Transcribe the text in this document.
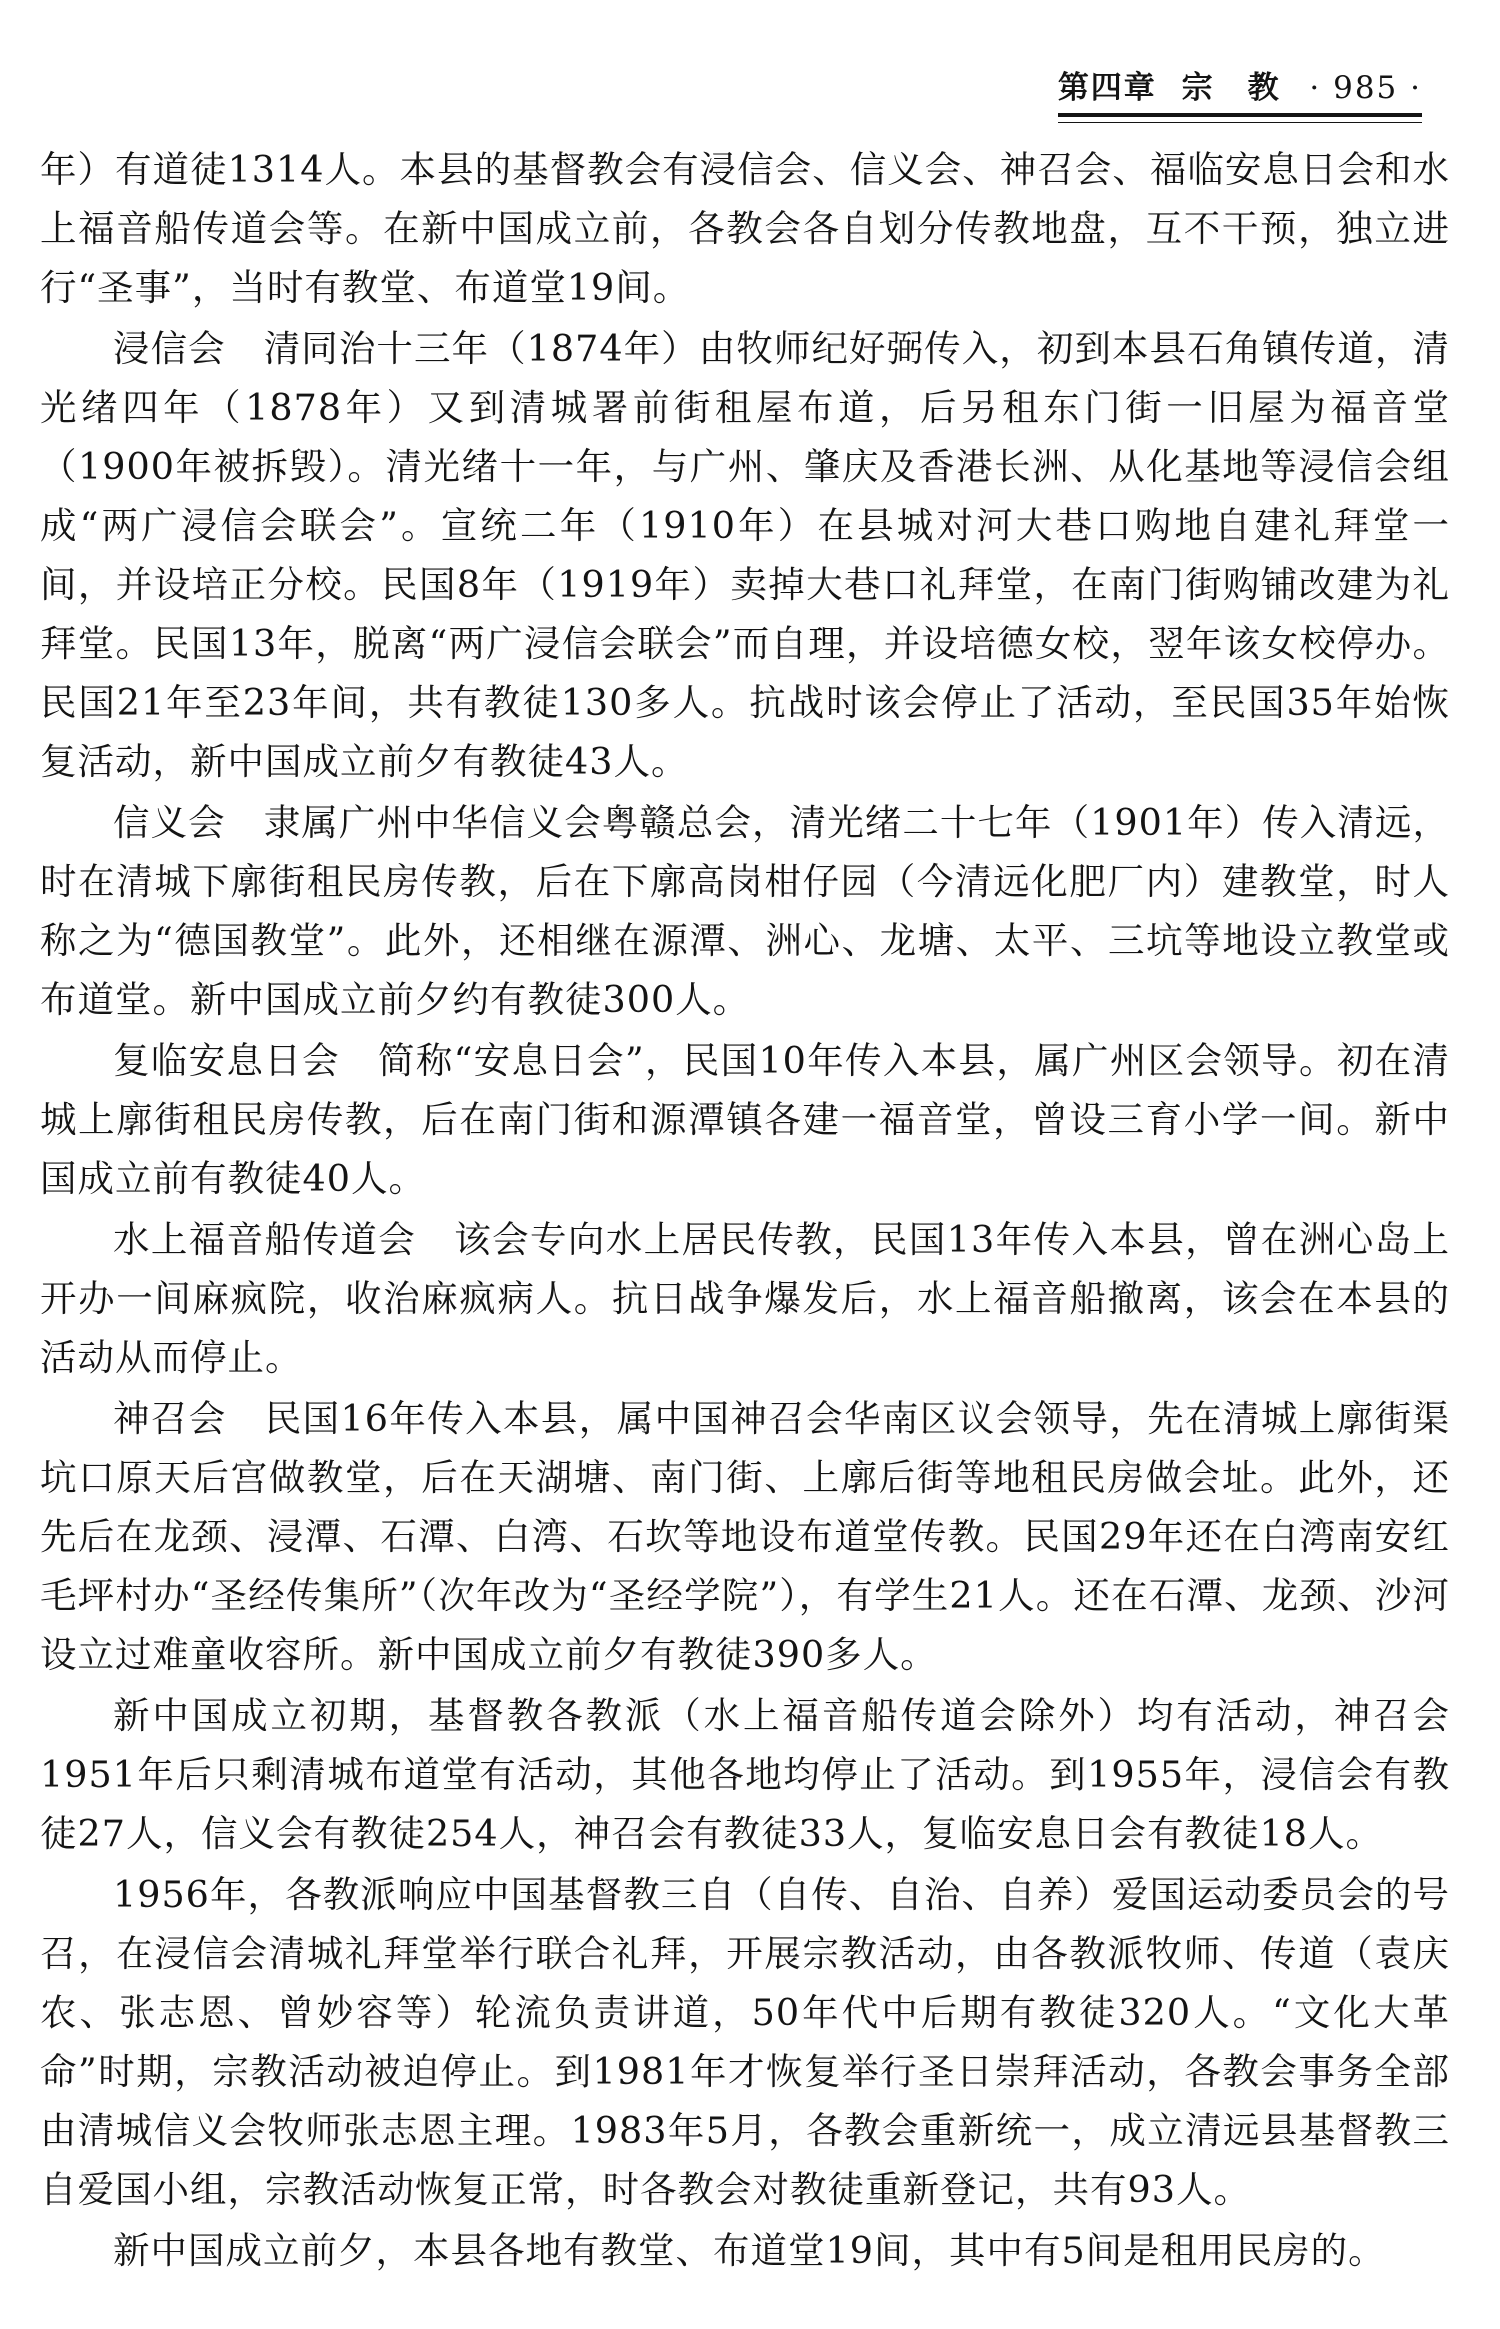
第四章 宗　教 · 985 ·

年）有道徒1314人。本县的基督教会有浸信会、信义会、神召会、福临安息日会和水上福音船传道会等。在新中国成立前，各教会各自划分传教地盘，互不干预，独立进行“圣事”，当时有教堂、布道堂19间。

浸信会 清同治十三年（1874年）由牧师纪好弼传入，初到本县石角镇传道，清光绪四年（1878年）又到清城署前街租屋布道，后另租东门街一旧屋为福音堂（1900年被拆毁）。清光绪十一年，与广州、肇庆及香港长洲、从化基地等浸信会组成“两广浸信会联会”。宣统二年（1910年）在县城对河大巷口购地自建礼拜堂一间，并设培正分校。民国8年（1919年）卖掉大巷口礼拜堂，在南门街购铺改建为礼拜堂。民国13年，脱离“两广浸信会联会”而自理，并设培德女校，翌年该女校停办。民国21年至23年间，共有教徒130多人。抗战时该会停止了活动，至民国35年始恢复活动，新中国成立前夕有教徒43人。

信义会 隶属广州中华信义会粤赣总会，清光绪二十七年（1901年）传入清远，时在清城下廓街租民房传教，后在下廓高岗柑仔园（今清远化肥厂内）建教堂，时人称之为“德国教堂”。此外，还相继在源潭、洲心、龙塘、太平、三坑等地设立教堂或布道堂。新中国成立前夕约有教徒300人。

复临安息日会 简称“安息日会”，民国10年传入本县，属广州区会领导。初在清城上廓街租民房传教，后在南门街和源潭镇各建一福音堂，曾设三育小学一间。新中国成立前有教徒40人。

水上福音船传道会 该会专向水上居民传教，民国13年传入本县，曾在洲心岛上开办一间麻疯院，收治麻疯病人。抗日战争爆发后，水上福音船撤离，该会在本县的活动从而停止。

神召会 民国16年传入本县，属中国神召会华南区议会领导，先在清城上廓街渠坑口原天后宫做教堂，后在天湖塘、南门街、上廓后街等地租民房做会址。此外，还先后在龙颈、浸潭、石潭、白湾、石坎等地设布道堂传教。民国29年还在白湾南安红毛坪村办“圣经传集所”（次年改为“圣经学院”），有学生21人。还在石潭、龙颈、沙河设立过难童收容所。新中国成立前夕有教徒390多人。

新中国成立初期，基督教各教派（水上福音船传道会除外）均有活动，神召会1951年后只剩清城布道堂有活动，其他各地均停止了活动。到1955年，浸信会有教徒27人，信义会有教徒254人，神召会有教徒33人，复临安息日会有教徒18人。

1956年，各教派响应中国基督教三自（自传、自治、自养）爱国运动委员会的号召，在浸信会清城礼拜堂举行联合礼拜，开展宗教活动，由各教派牧师、传道（袁庆农、张志恩、曾妙容等）轮流负责讲道，50年代中后期有教徒320人。“文化大革命”时期，宗教活动被迫停止。到1981年才恢复举行圣日崇拜活动，各教会事务全部由清城信义会牧师张志恩主理。1983年5月，各教会重新统一，成立清远县基督教三自爱国小组，宗教活动恢复正常，时各教会对教徒重新登记，共有93人。

新中国成立前夕，本县各地有教堂、布道堂19间，其中有5间是租用民房的。
